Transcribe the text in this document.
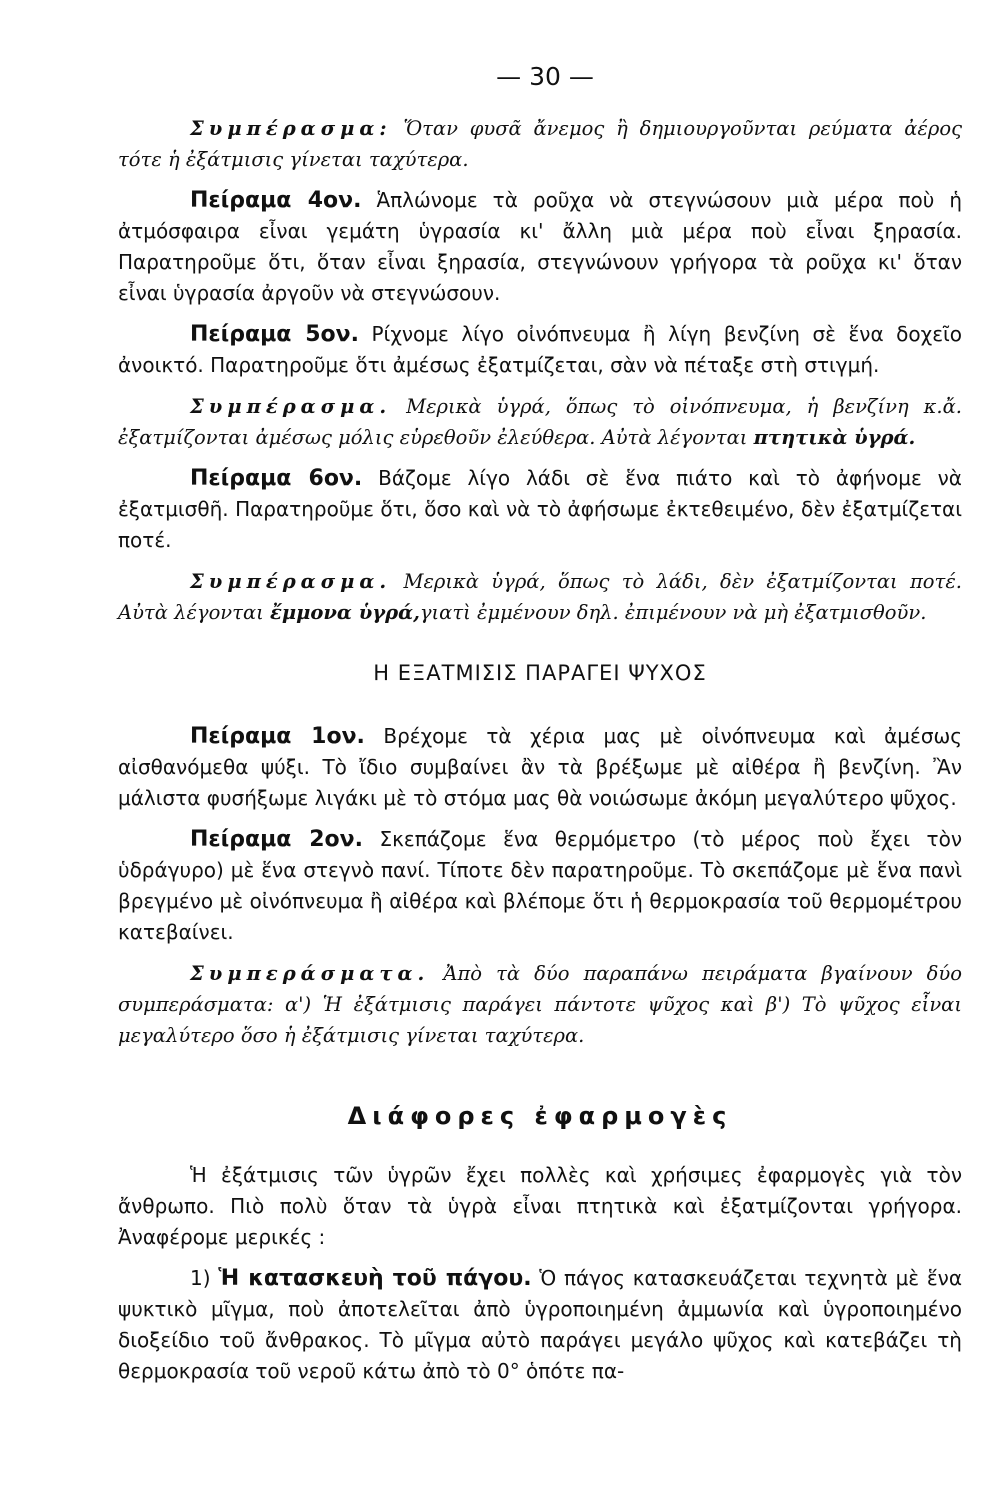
— 30 —

Συμπέρασμα: Ὅταν φυσᾶ ἄνεμος ἢ δημιουργοῦνται ρεύματα ἀέρος τότε ἡ ἐξάτμισις γίνεται ταχύτερα.

Πείραμα 4ον. Ἁπλώνομε τὰ ροῦχα νὰ στεγνώσουν μιὰ μέρα ποὺ ἡ ἀτμόσφαιρα εἶναι γεμάτη ὑγρασία κι' ἄλλη μιὰ μέρα ποὺ εἶναι ξηρασία. Παρατηροῦμε ὅτι, ὅταν εἶναι ξηρασία, στεγνώνουν γρήγορα τὰ ροῦχα κι' ὅταν εἶναι ὑγρασία ἀργοῦν νὰ στεγνώσουν.

Πείραμα 5ον. Ρίχνομε λίγο οἰνόπνευμα ἢ λίγη βενζίνη σὲ ἕνα δοχεῖο ἀνοικτό. Παρατηροῦμε ὅτι ἀμέσως ἐξατμίζεται, σὰν νὰ πέταξε στὴ στιγμή.

Συμπέρασμα. Μερικὰ ὑγρά, ὅπως τὸ οἰνόπνευμα, ἡ βενζίνη κ.ἄ. ἐξατμίζονται ἀμέσως μόλις εὑρεθοῦν ἐλεύθερα. Αὐτὰ λέγονται πτητικὰ ὑγρά.

Πείραμα 6ον. Βάζομε λίγο λάδι σὲ ἕνα πιάτο καὶ τὸ ἀφήνομε νὰ ἐξατμισθῆ. Παρατηροῦμε ὅτι, ὅσο καὶ νὰ τὸ ἀφήσωμε ἐκτεθειμένο, δὲν ἐξατμίζεται ποτέ.

Συμπέρασμα. Μερικὰ ὑγρά, ὅπως τὸ λάδι, δὲν ἐξατμίζονται ποτέ. Αὐτὰ λέγονται ἔμμονα ὑγρά,γιατὶ ἐμμένουν δηλ. ἐπιμένουν νὰ μὴ ἐξατμισθοῦν.

Η ΕΞΑΤΜΙΣΙΣ ΠΑΡΑΓΕΙ ΨΥΧΟΣ

Πείραμα 1ον. Βρέχομε τὰ χέρια μας μὲ οἰνόπνευμα καὶ ἀμέσως αἰσθανόμεθα ψύξι. Τὸ ἴδιο συμβαίνει ἂν τὰ βρέξωμε μὲ αἰθέρα ἢ βενζίνη. Ἂν μάλιστα φυσήξωμε λιγάκι μὲ τὸ στόμα μας θὰ νοιώσωμε ἀκόμη μεγαλύτερο ψῦχος.

Πείραμα 2ον. Σκεπάζομε ἕνα θερμόμετρο (τὸ μέρος ποὺ ἔχει τὸν ὑδράγυρο) μὲ ἕνα στεγνὸ πανί. Τίποτε δὲν παρατηροῦμε. Τὸ σκεπάζομε μὲ ἕνα πανὶ βρεγμένο μὲ οἰνόπνευμα ἢ αἰθέρα καὶ βλέπομε ὅτι ἡ θερμοκρασία τοῦ θερμομέτρου κατεβαίνει.

Συμπεράσματα. Ἀπὸ τὰ δύο παραπάνω πειράματα βγαίνουν δύο συμπεράσματα: α') Ἡ ἐξάτμισις παράγει πάντοτε ψῦχος καὶ β') Τὸ ψῦχος εἶναι μεγαλύτερο ὅσο ἡ ἐξάτμισις γίνεται ταχύτερα.

Διάφορες ἐφαρμογὲς

Ἡ ἐξάτμισις τῶν ὑγρῶν ἔχει πολλὲς καὶ χρήσιμες ἐφαρμογὲς γιὰ τὸν ἄνθρωπο. Πιὸ πολὺ ὅταν τὰ ὑγρὰ εἶναι πτητικὰ καὶ ἐξατμίζονται γρήγορα. Ἀναφέρομε μερικές :

1) Ἡ κατασκευὴ τοῦ πάγου. Ὁ πάγος κατασκευάζεται τεχνητὰ μὲ ἕνα ψυκτικὸ μῖγμα, ποὺ ἀποτελεῖται ἀπὸ ὑγροποιημένη ἀμμωνία καὶ ὑγροποιημένο διοξείδιο τοῦ ἄνθρακος. Τὸ μῖγμα αὐτὸ παράγει μεγάλο ψῦχος καὶ κατεβάζει τὴ θερμοκρασία τοῦ νεροῦ κάτω ἀπὸ τὸ 0° ὁπότε πα-
